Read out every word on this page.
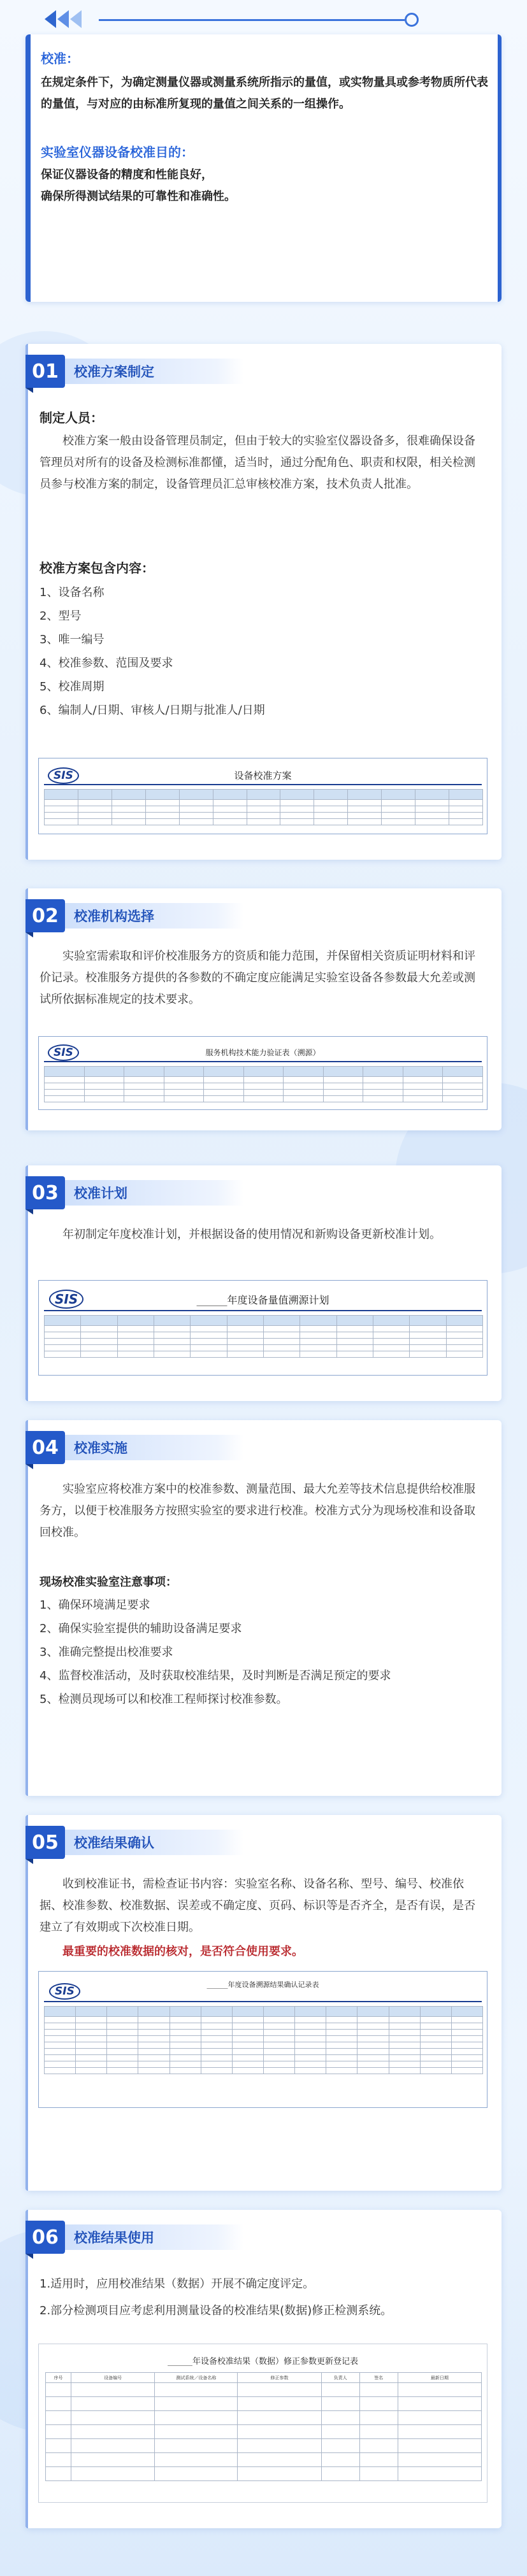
校准：

在规定条件下，为确定测量仪器或测量系统所指示的量值，或实物量具或参考物质所代表的量值，与对应的由标准所复现的量值之间关系的一组操作。

实验室仪器设备校准目的：

保证仪器设备的精度和性能良好，

确保所得测试结果的可靠性和准确性。

01	校准方案制定
制定人员：
校准方案一般由设备管理员制定，但由于较大的实验室仪器设备多，很难确保设备管理员对所有的设备及检测标准都懂，适当时，通过分配角色、职责和权限，相关检测员参与校准方案的制定，设备管理员汇总审核校准方案，技术负责人批准。
校准方案包含内容：
1、设备名称
2、型号
3、唯一编号
4、校准参数、范围及要求
5、校准周期
6、编制人/日期、审核人/日期与批准人/日期
SIS	设备校准方案

02	校准机构选择
实验室需索取和评价校准服务方的资质和能力范围，并保留相关资质证明材料和评价记录。校准服务方提供的各参数的不确定度应能满足实验室设备各参数最大允差或测试所依据标准规定的技术要求。
SIS	服务机构技术能力验证表（溯源）

03	校准计划
年初制定年度校准计划，并根据设备的使用情况和新购设备更新校准计划。
SIS	______年度设备量值溯源计划

04	校准实施
实验室应将校准方案中的校准参数、测量范围、最大允差等技术信息提供给校准服务方，以便于校准服务方按照实验室的要求进行校准。校准方式分为现场校准和设备取回校准。
现场校准实验室注意事项：
1、确保环境满足要求
2、确保实验室提供的辅助设备满足要求
3、准确完整提出校准要求
4、监督校准活动，及时获取校准结果，及时判断是否满足预定的要求
5、检测员现场可以和校准工程师探讨校准参数。
05	校准结果确认
收到校准证书，需检查证书内容：实验室名称、设备名称、型号、编号、校准依据、校准参数、校准数据、误差或不确定度、页码、标识等是否齐全，是否有误，是否建立了有效期或下次校准日期。
最重要的校准数据的核对，是否符合使用要求。
SIS
______年度设备溯源结果确认记录表

06	校准结果使用
1.适用时，应用校准结果（数据）开展不确定度评定。
2.部分检测项目应考虑利用测量设备的校准结果(数据)修正检测系统。
______年设备校准结果（数据）修正参数更新登记表
序号	设备编号	测试系统／设备名称	修正参数	负责人	签名	最新日期
